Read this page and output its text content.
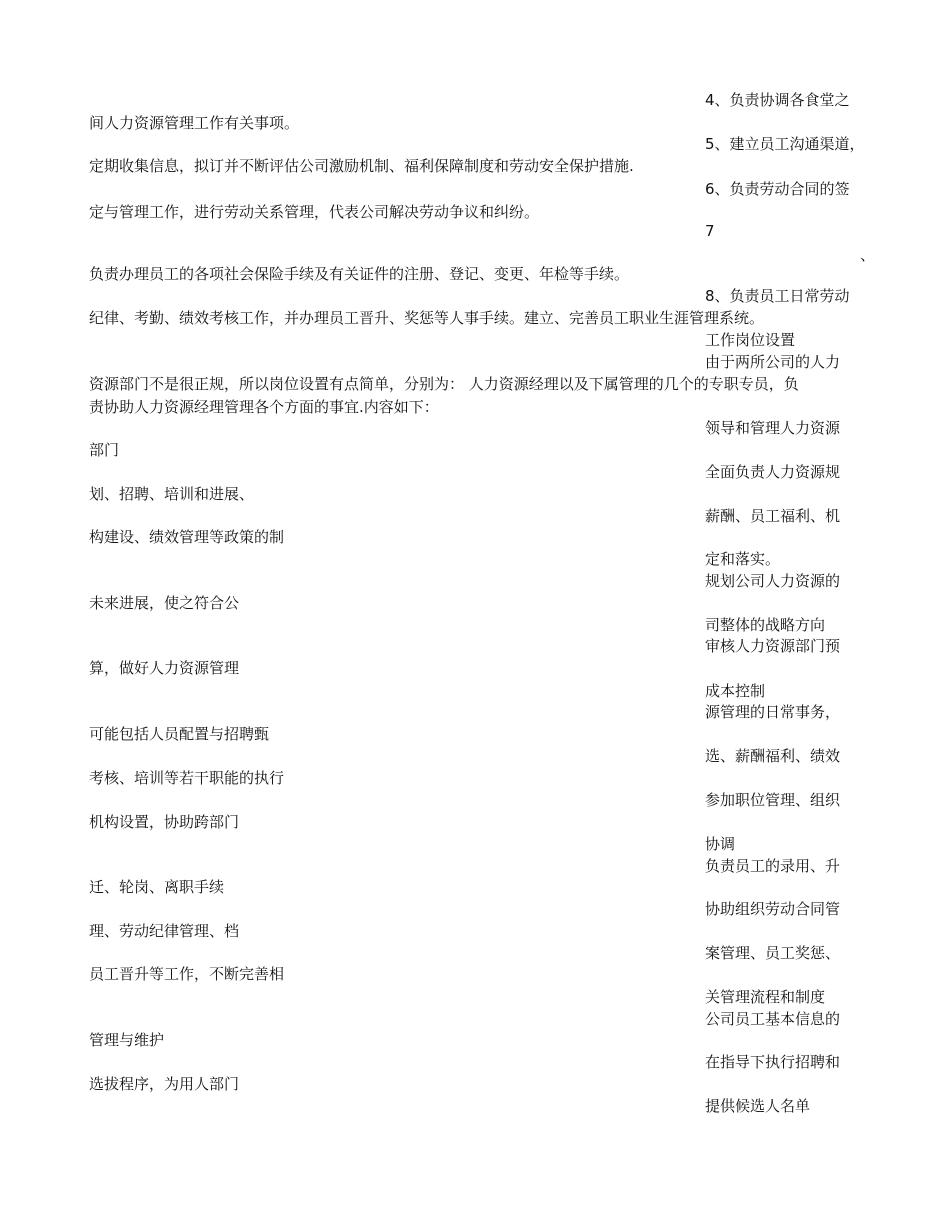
4、负责协调各食堂之
间人力资源管理工作有关事项。
5、建立员工沟通渠道，
定期收集信息，拟订并不断评估公司激励机制、福利保障制度和劳动安全保护措施.
6、负责劳动合同的签
定与管理工作，进行劳动关系管理，代表公司解决劳动争议和纠纷。
7
、
负责办理员工的各项社会保险手续及有关证件的注册、登记、变更、年检等手续。
8、负责员工日常劳动
纪律、考勤、绩效考核工作，并办理员工晋升、奖惩等人事手续。建立、完善员工职业生涯管理系统。
工作岗位设置
由于两所公司的人力
资源部门不是很正规，所以岗位设置有点简单，分别为： 人力资源经理以及下属管理的几个的专职专员，负
责协助人力资源经理管理各个方面的事宜.内容如下：
领导和管理人力资源
部门
全面负责人力资源规
划、招聘、培训和进展、
薪酬、员工福利、机
构建设、绩效管理等政策的制
定和落实。
规划公司人力资源的
未来进展，使之符合公
司整体的战略方向
审核人力资源部门预
算，做好人力资源管理
成本控制
源管理的日常事务，
可能包括人员配置与招聘甄
选、薪酬福利、绩效
考核、培训等若干职能的执行
参加职位管理、组织
机构设置，协助跨部门
协调
负责员工的录用、升
迁、轮岗、离职手续
协助组织劳动合同管
理、劳动纪律管理、档
案管理、员工奖惩、
员工晋升等工作，不断完善相
关管理流程和制度
公司员工基本信息的
管理与维护
在指导下执行招聘和
选拔程序，为用人部门
提供候选人名单
